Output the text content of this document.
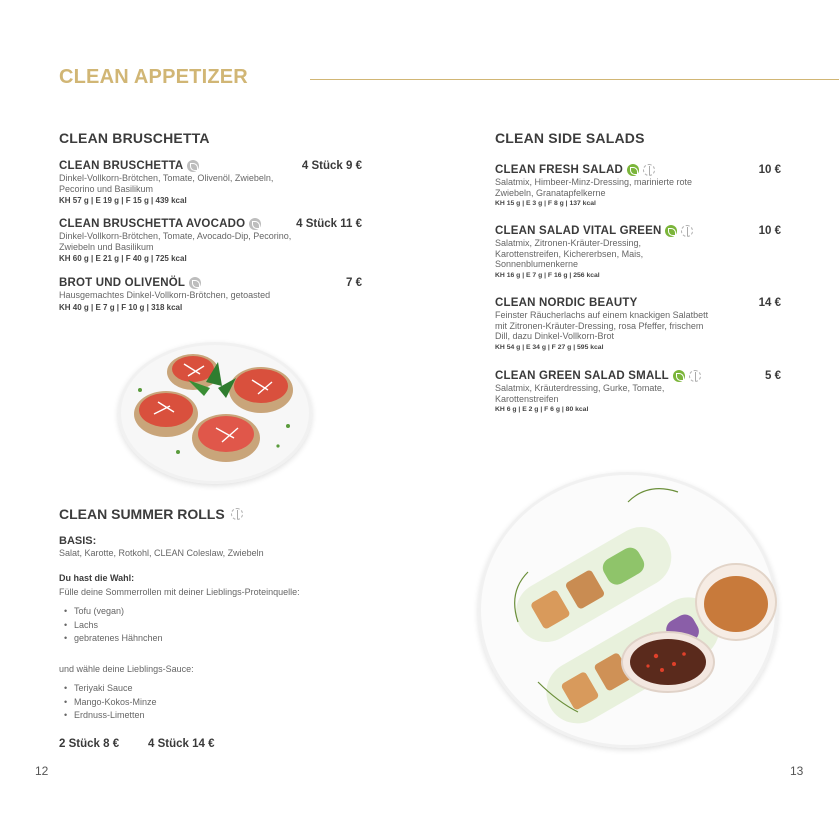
CLEAN APPETIZER
CLEAN BRUSCHETTA
CLEAN BRUSCHETTA	4 Stück 9 €
Dinkel-Vollkorn-Brötchen, Tomate, Olivenöl, Zwiebeln, Pecorino und Basilikum
KH 57 g | E 19 g | F 15 g | 439 kcal
CLEAN BRUSCHETTA AVOCADO	4 Stück 11 €
Dinkel-Vollkorn-Brötchen, Tomate, Avocado-Dip, Pecorino, Zwiebeln und Basilikum
KH 60 g | E 21 g | F 40 g | 725 kcal
BROT UND OLIVENÖL	7 €
Hausgemachtes Dinkel-Vollkorn-Brötchen, getoasted
KH 40 g | E 7 g | F 10 g | 318 kcal
CLEAN SUMMER ROLLS
BASIS:
Salat, Karotte, Rotkohl, CLEAN Coleslaw, Zwiebeln
Du hast die Wahl:
Fülle deine Sommerrollen mit deiner Lieblings-Proteinquelle:
• Tofu (vegan)
• Lachs
• gebratenes Hähnchen
und wähle deine Lieblings-Sauce:
• Teriyaki Sauce
• Mango-Kokos-Minze
• Erdnuss-Limetten
2 Stück 8 €	4 Stück 14 €
CLEAN SIDE SALADS
CLEAN FRESH SALAD	10 €
Salatmix, Himbeer-Minz-Dressing, marinierte rote Zwiebeln, Granatapfelkerne
KH 15 g | E 3 g | F 8 g | 137 kcal
CLEAN SALAD VITAL GREEN	10 €
Salatmix, Zitronen-Kräuter-Dressing, Karottenstreifen, Kichererbsen, Mais, Sonnenblumenkerne
KH 16 g | E 7 g | F 16 g | 256 kcal
CLEAN NORDIC BEAUTY	14 €
Feinster Räucherlachs auf einem knackigen Salatbett mit Zitronen-Kräuter-Dressing, rosa Pfeffer, frischem Dill, dazu Dinkel-Vollkorn-Brot
KH 54 g | E 34 g | F 27 g | 595 kcal
CLEAN GREEN SALAD SMALL	5 €
Salatmix, Kräuterdressing, Gurke, Tomate, Karottenstreifen
KH 6 g | E 2 g | F 6 g | 80 kcal
12	13
